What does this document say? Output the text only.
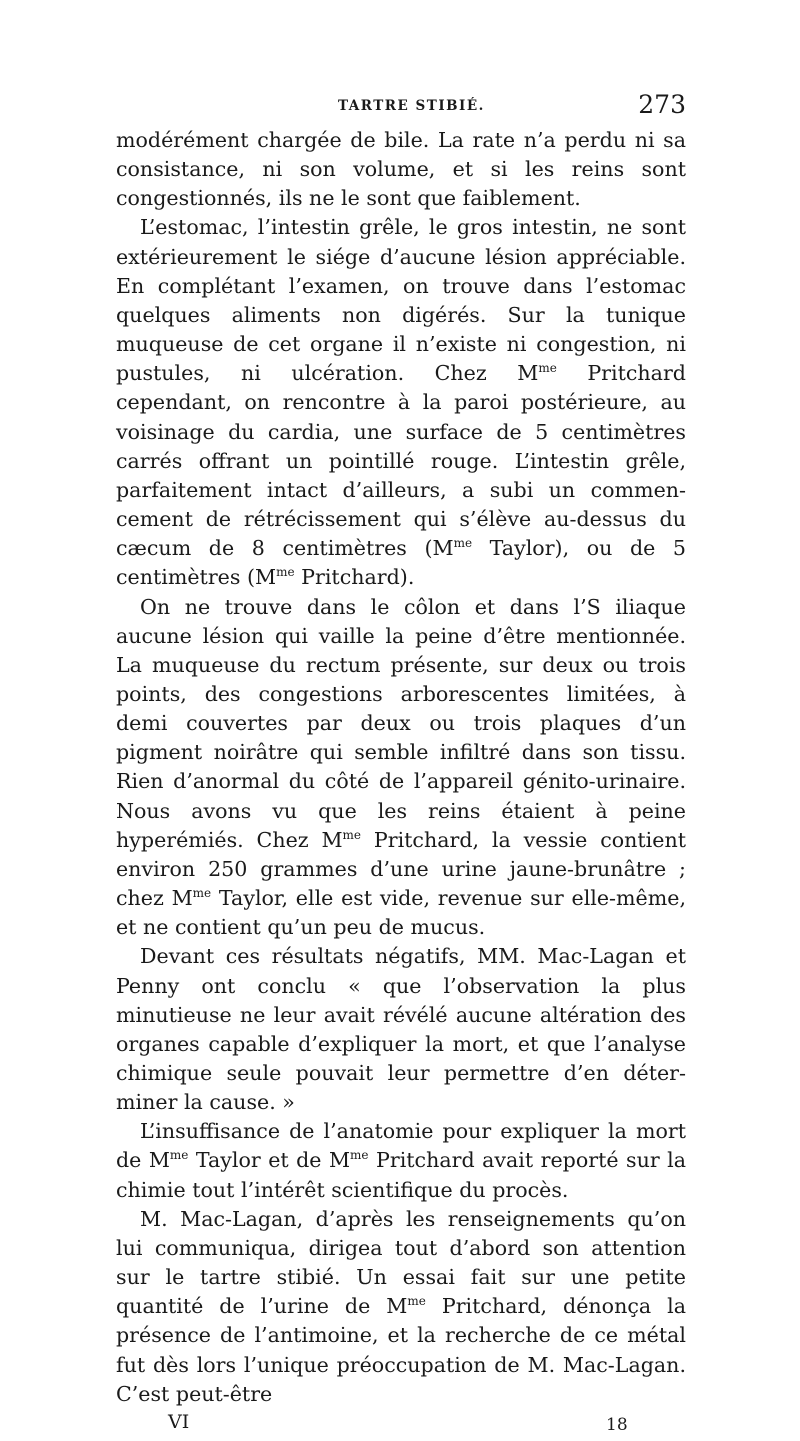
TARTRE STIBIÉ.	273

modérément chargée de bile. La rate n’a perdu ni sa consistance, ni son volume, et si les reins sont congestionnés, ils ne le sont que faiblement.

L’estomac, l’intestin grêle, le gros intestin, ne sont extérieurement le siége d’aucune lésion appréciable. En complétant l’examen, on trouve dans l’estomac quelques aliments non digérés. Sur la tunique muqueuse de cet organe il n’existe ni congestion, ni pustules, ni ulcération. Chez $M^{me}$ Pritchard cependant, on rencontre à la paroi postérieure, au voisinage du cardia, une surface de 5 centimètres carrés offrant un pointillé rouge. L’intestin grêle, parfaitement intact d’ailleurs, a subi un commencement de rétrécissement qui s’élève au-dessus du cæcum de 8 centimètres ($M^{me}$ Taylor), ou de 5 centimètres ($M^{me}$ Pritchard).

On ne trouve dans le côlon et dans l’S iliaque aucune lésion qui vaille la peine d’être mentionnée. La muqueuse du rectum présente, sur deux ou trois points, des congestions arborescentes limitées, à demi couvertes par deux ou trois plaques d’un pigment noirâtre qui semble infiltré dans son tissu. Rien d’anormal du côté de l’appareil génito-urinaire. Nous avons vu que les reins étaient à peine hyperémiés. Chez $M^{me}$ Pritchard, la vessie contient environ 250 grammes d’une urine jaune-brunâtre ; chez $M^{me}$ Taylor, elle est vide, revenue sur elle-même, et ne contient qu’un peu de mucus.

Devant ces résultats négatifs, MM. Mac-Lagan et Penny ont conclu « que l’observation la plus minutieuse ne leur avait révélé aucune altération des organes capable d’expliquer la mort, et que l’analyse chimique seule pouvait leur permettre d’en déterminer la cause. »

L’insuffisance de l’anatomie pour expliquer la mort de $M^{me}$ Taylor et de $M^{me}$ Pritchard avait reporté sur la chimie tout l’intérêt scientifique du procès.

M. Mac-Lagan, d’après les renseignements qu’on lui communiqua, dirigea tout d’abord son attention sur le tartre stibié. Un essai fait sur une petite quantité de l’urine de $M^{me}$ Pritchard, dénonça la présence de l’antimoine, et la recherche de ce métal fut dès lors l’unique préoccupation de M. Mac-Lagan. C’est peut-être

VI	18
